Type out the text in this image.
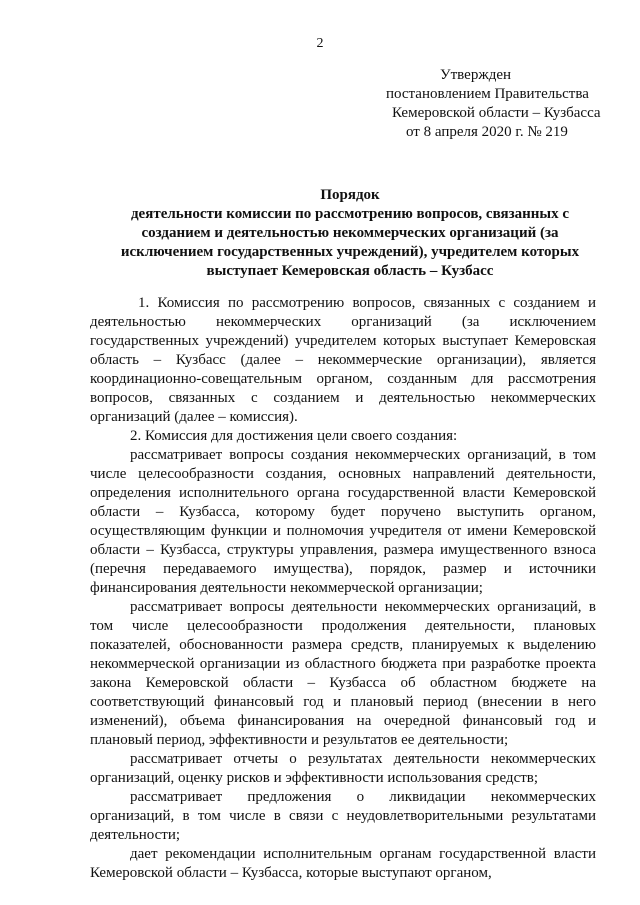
2
Утвержден
постановлением Правительства
Кемеровской области – Кузбасса
от 8 апреля 2020 г. № 219
Порядок
деятельности комиссии по рассмотрению вопросов, связанных с
созданием и деятельностью некоммерческих организаций (за
исключением государственных учреждений), учредителем которых
выступает Кемеровская область – Кузбасс

1. Комиссия по рассмотрению вопросов, связанных с созданием и деятельностью некоммерческих организаций (за исключением государственных учреждений) учредителем которых выступает Кемеровская область – Кузбасс (далее – некоммерческие организации), является координационно-совещательным органом, созданным для рассмотрения вопросов, связанных с созданием и деятельностью некоммерческих организаций (далее – комиссия).

2. Комиссия для достижения цели своего создания:

рассматривает вопросы создания некоммерческих организаций, в том числе целесообразности создания, основных направлений деятельности, определения исполнительного органа государственной власти Кемеровской области – Кузбасса, которому будет поручено выступить органом, осуществляющим функции и полномочия учредителя от имени Кемеровской области – Кузбасса, структуры управления, размера имущественного взноса (перечня передаваемого имущества), порядок, размер и источники финансирования деятельности некоммерческой организации;

рассматривает вопросы деятельности некоммерческих организаций, в том числе целесообразности продолжения деятельности, плановых показателей, обоснованности размера средств, планируемых к выделению некоммерческой организации из областного бюджета при разработке проекта закона Кемеровской области – Кузбасса об областном бюджете на соответствующий финансовый год и плановый период (внесении в него изменений), объема финансирования на очередной финансовый год и плановый период, эффективности и результатов ее деятельности;

рассматривает отчеты о результатах деятельности некоммерческих организаций, оценку рисков и эффективности использования средств;

рассматривает предложения о ликвидации некоммерческих организаций, в том числе в связи с неудовлетворительными результатами деятельности;

дает рекомендации исполнительным органам государственной власти Кемеровской области – Кузбасса, которые выступают органом,
